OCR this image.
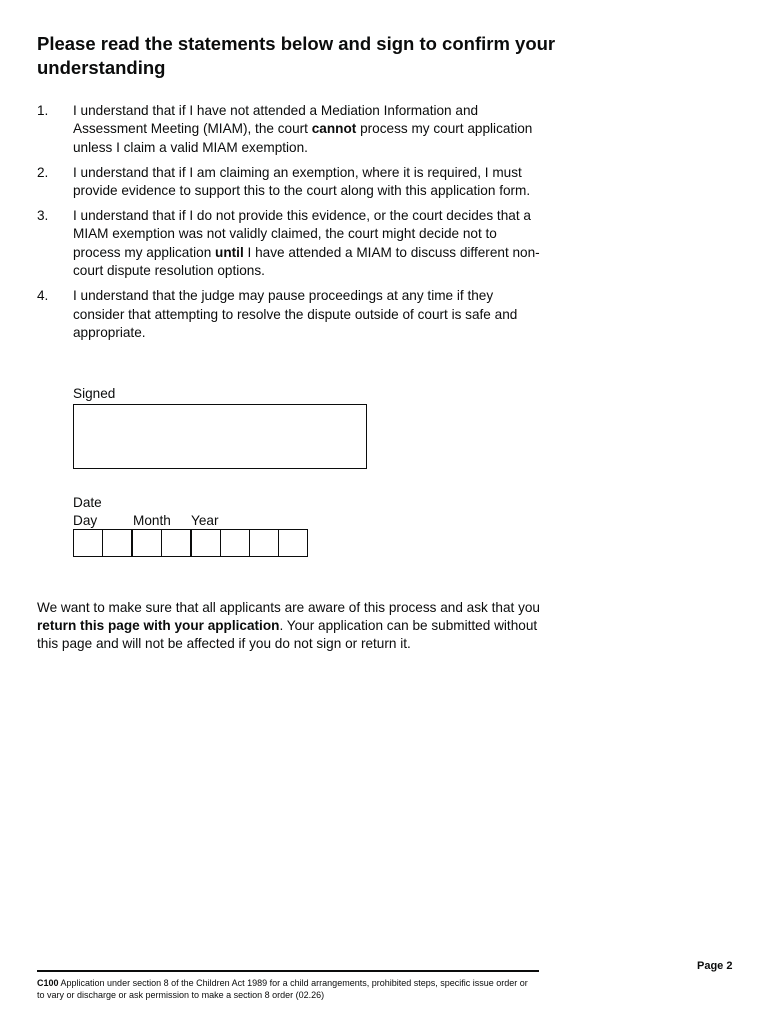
Please read the statements below and sign to confirm your understanding
1.	I understand that if I have not attended a Mediation Information and Assessment Meeting (MIAM), the court cannot process my court application unless I claim a valid MIAM exemption.
2.	I understand that if I am claiming an exemption, where it is required, I must provide evidence to support this to the court along with this application form.
3.	I understand that if I do not provide this evidence, or the court decides that a MIAM exemption was not validly claimed, the court might decide not to process my application until I have attended a MIAM to discuss different non-court dispute resolution options.
4.	I understand that the judge may pause proceedings at any time if they consider that attempting to resolve the dispute outside of court is safe and appropriate.
Signed
Date
Day	Month Year

We want to make sure that all applicants are aware of this process and ask that you return this page with your application. Your application can be submitted without this page and will not be affected if you do not sign or return it.

Page 2
C100 Application under section 8 of the Children Act 1989 for a child arrangements, prohibited steps, specific issue order or to vary or discharge or ask permission to make a section 8 order (02.26)
